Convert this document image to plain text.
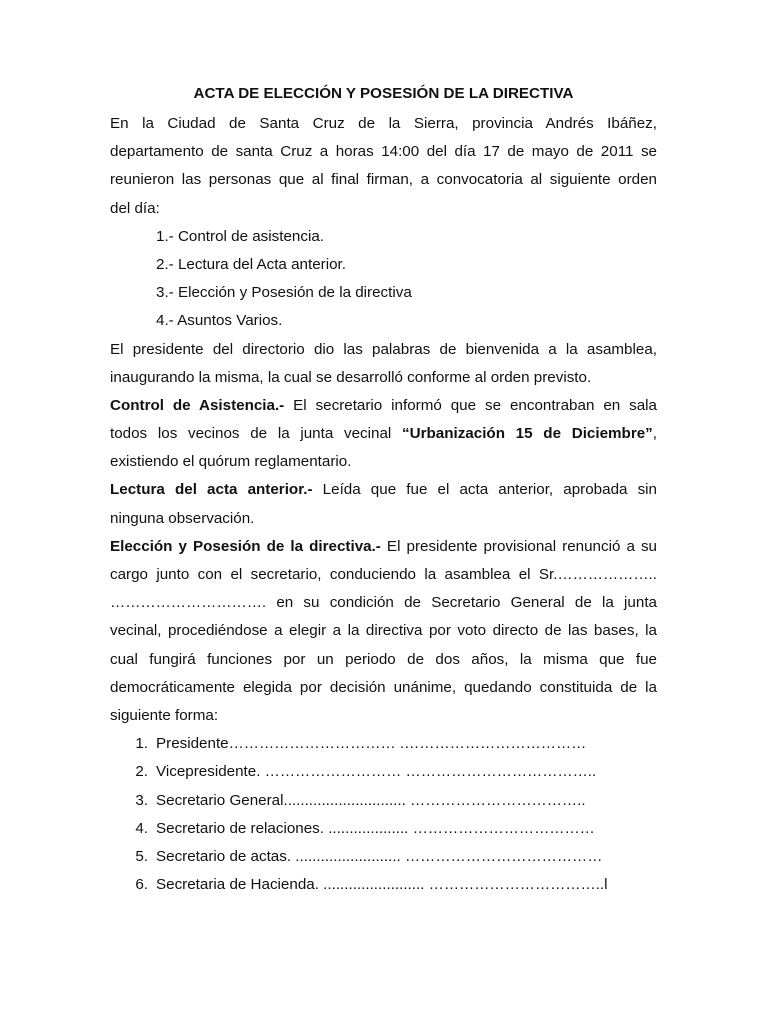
ACTA DE ELECCIÓN Y POSESIÓN DE LA DIRECTIVA
En la Ciudad de Santa Cruz de la Sierra, provincia Andrés Ibáñez,
departamento de santa Cruz a horas 14:00 del día 17 de mayo de 2011 se
reunieron las personas que al final firman, a convocatoria al siguiente orden
del día:
1.- Control de asistencia.
2.- Lectura del Acta anterior.
3.- Elección y Posesión de la directiva
4.- Asuntos Varios.
El presidente del directorio dio las palabras de bienvenida a la asamblea,
inaugurando la misma, la cual se desarrolló conforme al orden previsto.
Control de Asistencia.- El secretario informó que se encontraban en sala
todos los vecinos de la junta vecinal “Urbanización 15 de Diciembre”,
existiendo el quórum reglamentario.
Lectura del acta anterior.- Leída que fue el acta anterior, aprobada sin
ninguna observación.
Elección y Posesión de la directiva.- El presidente provisional renunció a su
cargo junto con el secretario, conduciendo la asamblea el Sr.………………..
…………………………. en su condición de Secretario General de la junta
vecinal, procediéndose a elegir a la directiva por voto directo de las bases, la
cual fungirá funciones por un periodo de dos años, la misma que fue
democráticamente elegida por decisión unánime, quedando constituida de la
siguiente forma:
1. Presidente…………………………… .………………………………
2. Vicepresidente. ……………………… ………………………………..
3. Secretario General............................. ……………………………..
4. Secretario de relaciones. ................... ………………………………
5. Secretario de actas. ......................... …………………………………
6. Secretaria de Hacienda. ........................ ……………………………..l
